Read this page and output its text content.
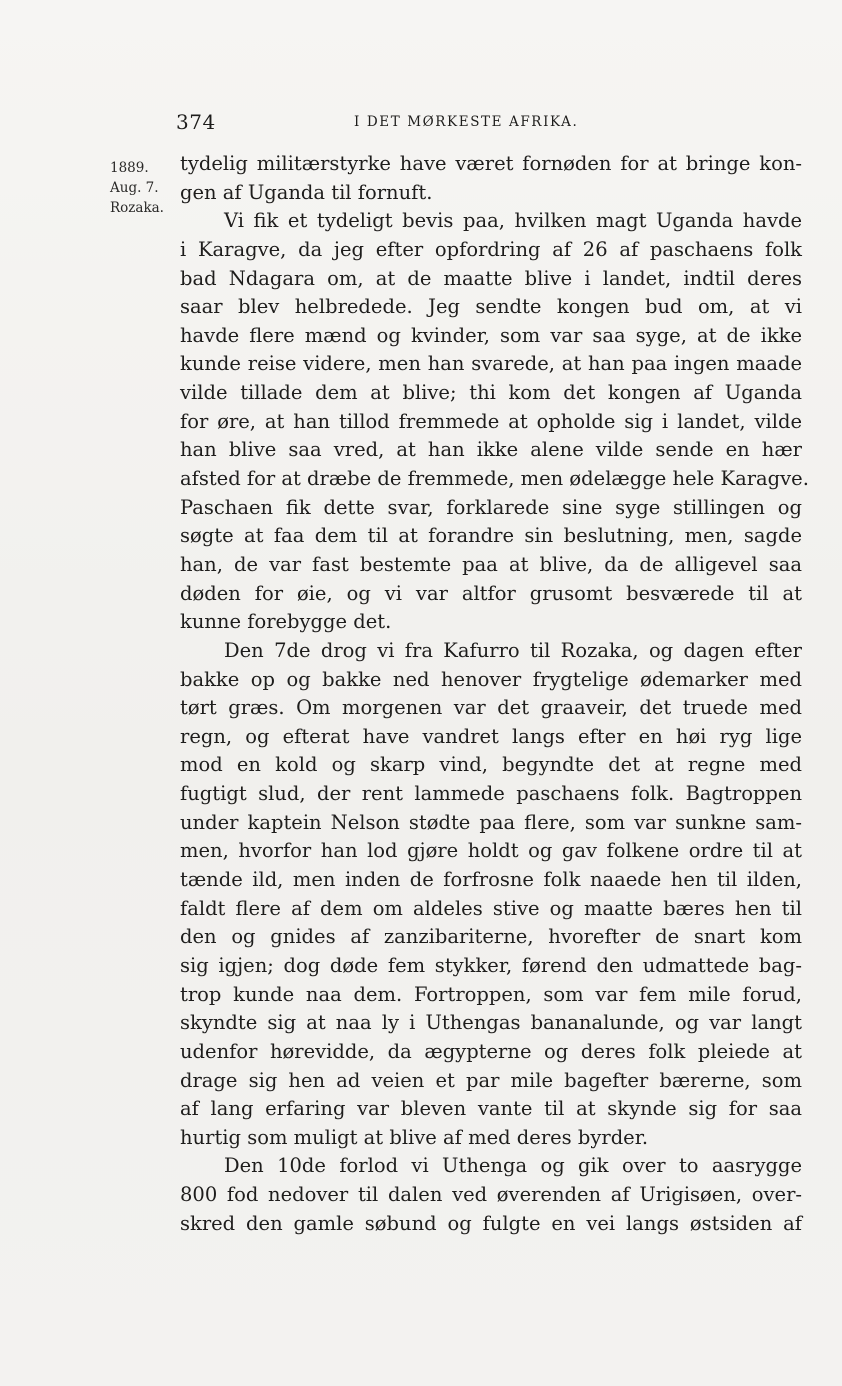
374	I DET MØRKESTE AFRIKA.
1889.
Aug. 7.
Rozaka.
tydelig militærstyrke have været fornøden for at bringe kon-
gen af Uganda til fornuft.
Vi fik et tydeligt bevis paa, hvilken magt Uganda havde
i Karagve, da jeg efter opfordring af 26 af paschaens folk
bad Ndagara om, at de maatte blive i landet, indtil deres
saar blev helbredede. Jeg sendte kongen bud om, at vi
havde flere mænd og kvinder, som var saa syge, at de ikke
kunde reise videre, men han svarede, at han paa ingen maade
vilde tillade dem at blive; thi kom det kongen af Uganda
for øre, at han tillod fremmede at opholde sig i landet, vilde
han blive saa vred, at han ikke alene vilde sende en hær
afsted for at dræbe de fremmede, men ødelægge hele Karagve.
Paschaen fik dette svar, forklarede sine syge stillingen og
søgte at faa dem til at forandre sin beslutning, men, sagde
han, de var fast bestemte paa at blive, da de alligevel saa
døden for øie, og vi var altfor grusomt besværede til at
kunne forebygge det.
Den 7de drog vi fra Kafurro til Rozaka, og dagen efter
bakke op og bakke ned henover frygtelige ødemarker med
tørt græs. Om morgenen var det graaveir, det truede med
regn, og efterat have vandret langs efter en høi ryg lige
mod en kold og skarp vind, begyndte det at regne med
fugtigt slud, der rent lammede paschaens folk. Bagtroppen
under kaptein Nelson stødte paa flere, som var sunkne sam-
men, hvorfor han lod gjøre holdt og gav folkene ordre til at
tænde ild, men inden de forfrosne folk naaede hen til ilden,
faldt flere af dem om aldeles stive og maatte bæres hen til
den og gnides af zanzibariterne, hvorefter de snart kom
sig igjen; dog døde fem stykker, førend den udmattede bag-
trop kunde naa dem. Fortroppen, som var fem mile forud,
skyndte sig at naa ly i Uthengas bananalunde, og var langt
udenfor hørevidde, da ægypterne og deres folk pleiede at
drage sig hen ad veien et par mile bagefter bærerne, som
af lang erfaring var bleven vante til at skynde sig for saa
hurtig som muligt at blive af med deres byrder.
Den 10de forlod vi Uthenga og gik over to aasrygge
800 fod nedover til dalen ved øverenden af Urigisøen, over-
skred den gamle søbund og fulgte en vei langs østsiden af
